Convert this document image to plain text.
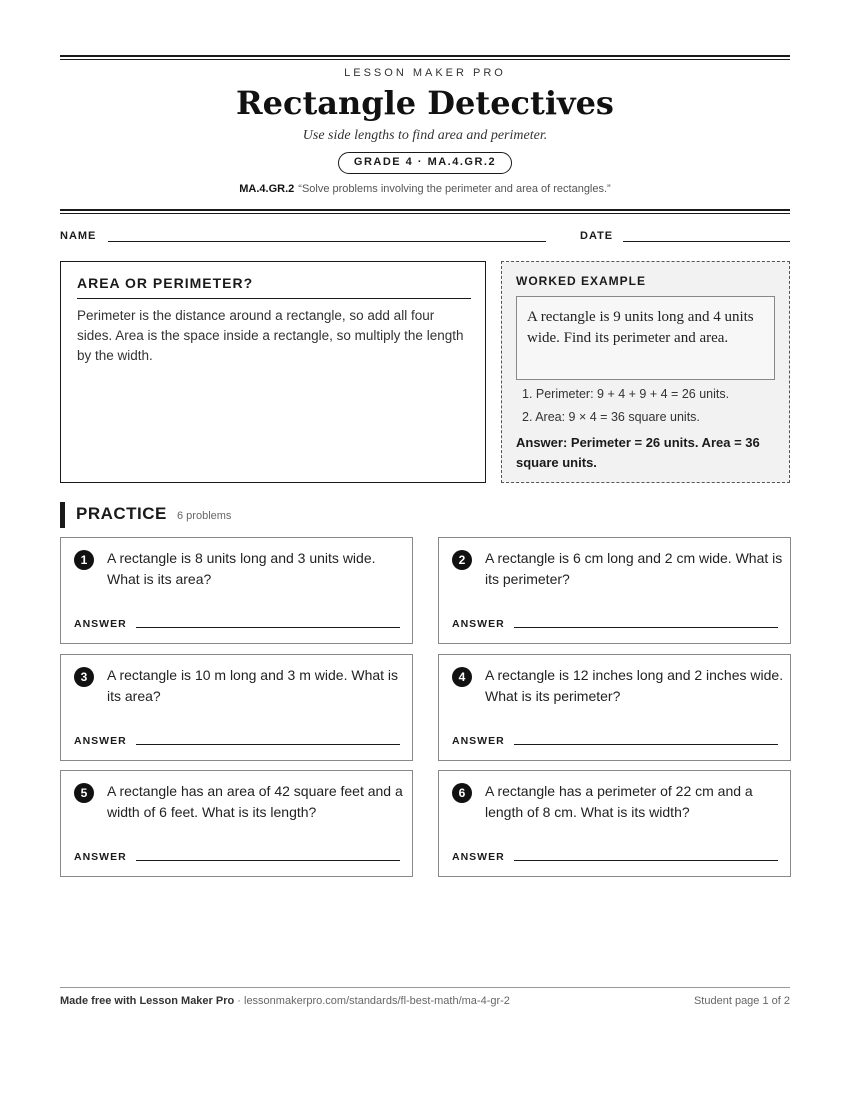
LESSON MAKER PRO
Rectangle Detectives
Use side lengths to find area and perimeter.
GRADE 4 · MA.4.GR.2
MA.4.GR.2 “Solve problems involving the perimeter and area of rectangles.”
NAME	DATE
AREA OR PERIMETER?

Perimeter is the distance around a rectangle, so add all four sides. Area is the space inside a rectangle, so multiply the length by the width.

WORKED EXAMPLE
A rectangle is 9 units long and 4 units wide. Find its perimeter and area.
1. Perimeter: 9 + 4 + 9 + 4 = 26 units.
2. Area: 9 × 4 = 36 square units.
Answer: Perimeter = 26 units. Area = 36 square units.
PRACTICE 6 problems
1	A rectangle is 8 units long and 3 units wide. What is its area?
ANSWER
2	A rectangle is 6 cm long and 2 cm wide. What is its perimeter?
ANSWER
3	A rectangle is 10 m long and 3 m wide. What is its area?
ANSWER
4	A rectangle is 12 inches long and 2 inches wide. What is its perimeter?
ANSWER
5	A rectangle has an area of 42 square feet and a width of 6 feet. What is its length?
ANSWER
6	A rectangle has a perimeter of 22 cm and a length of 8 cm. What is its width?
ANSWER
Made free with Lesson Maker Pro · lessonmakerpro.com/standards/fl-best-math/ma-4-gr-2	Student page 1 of 2
